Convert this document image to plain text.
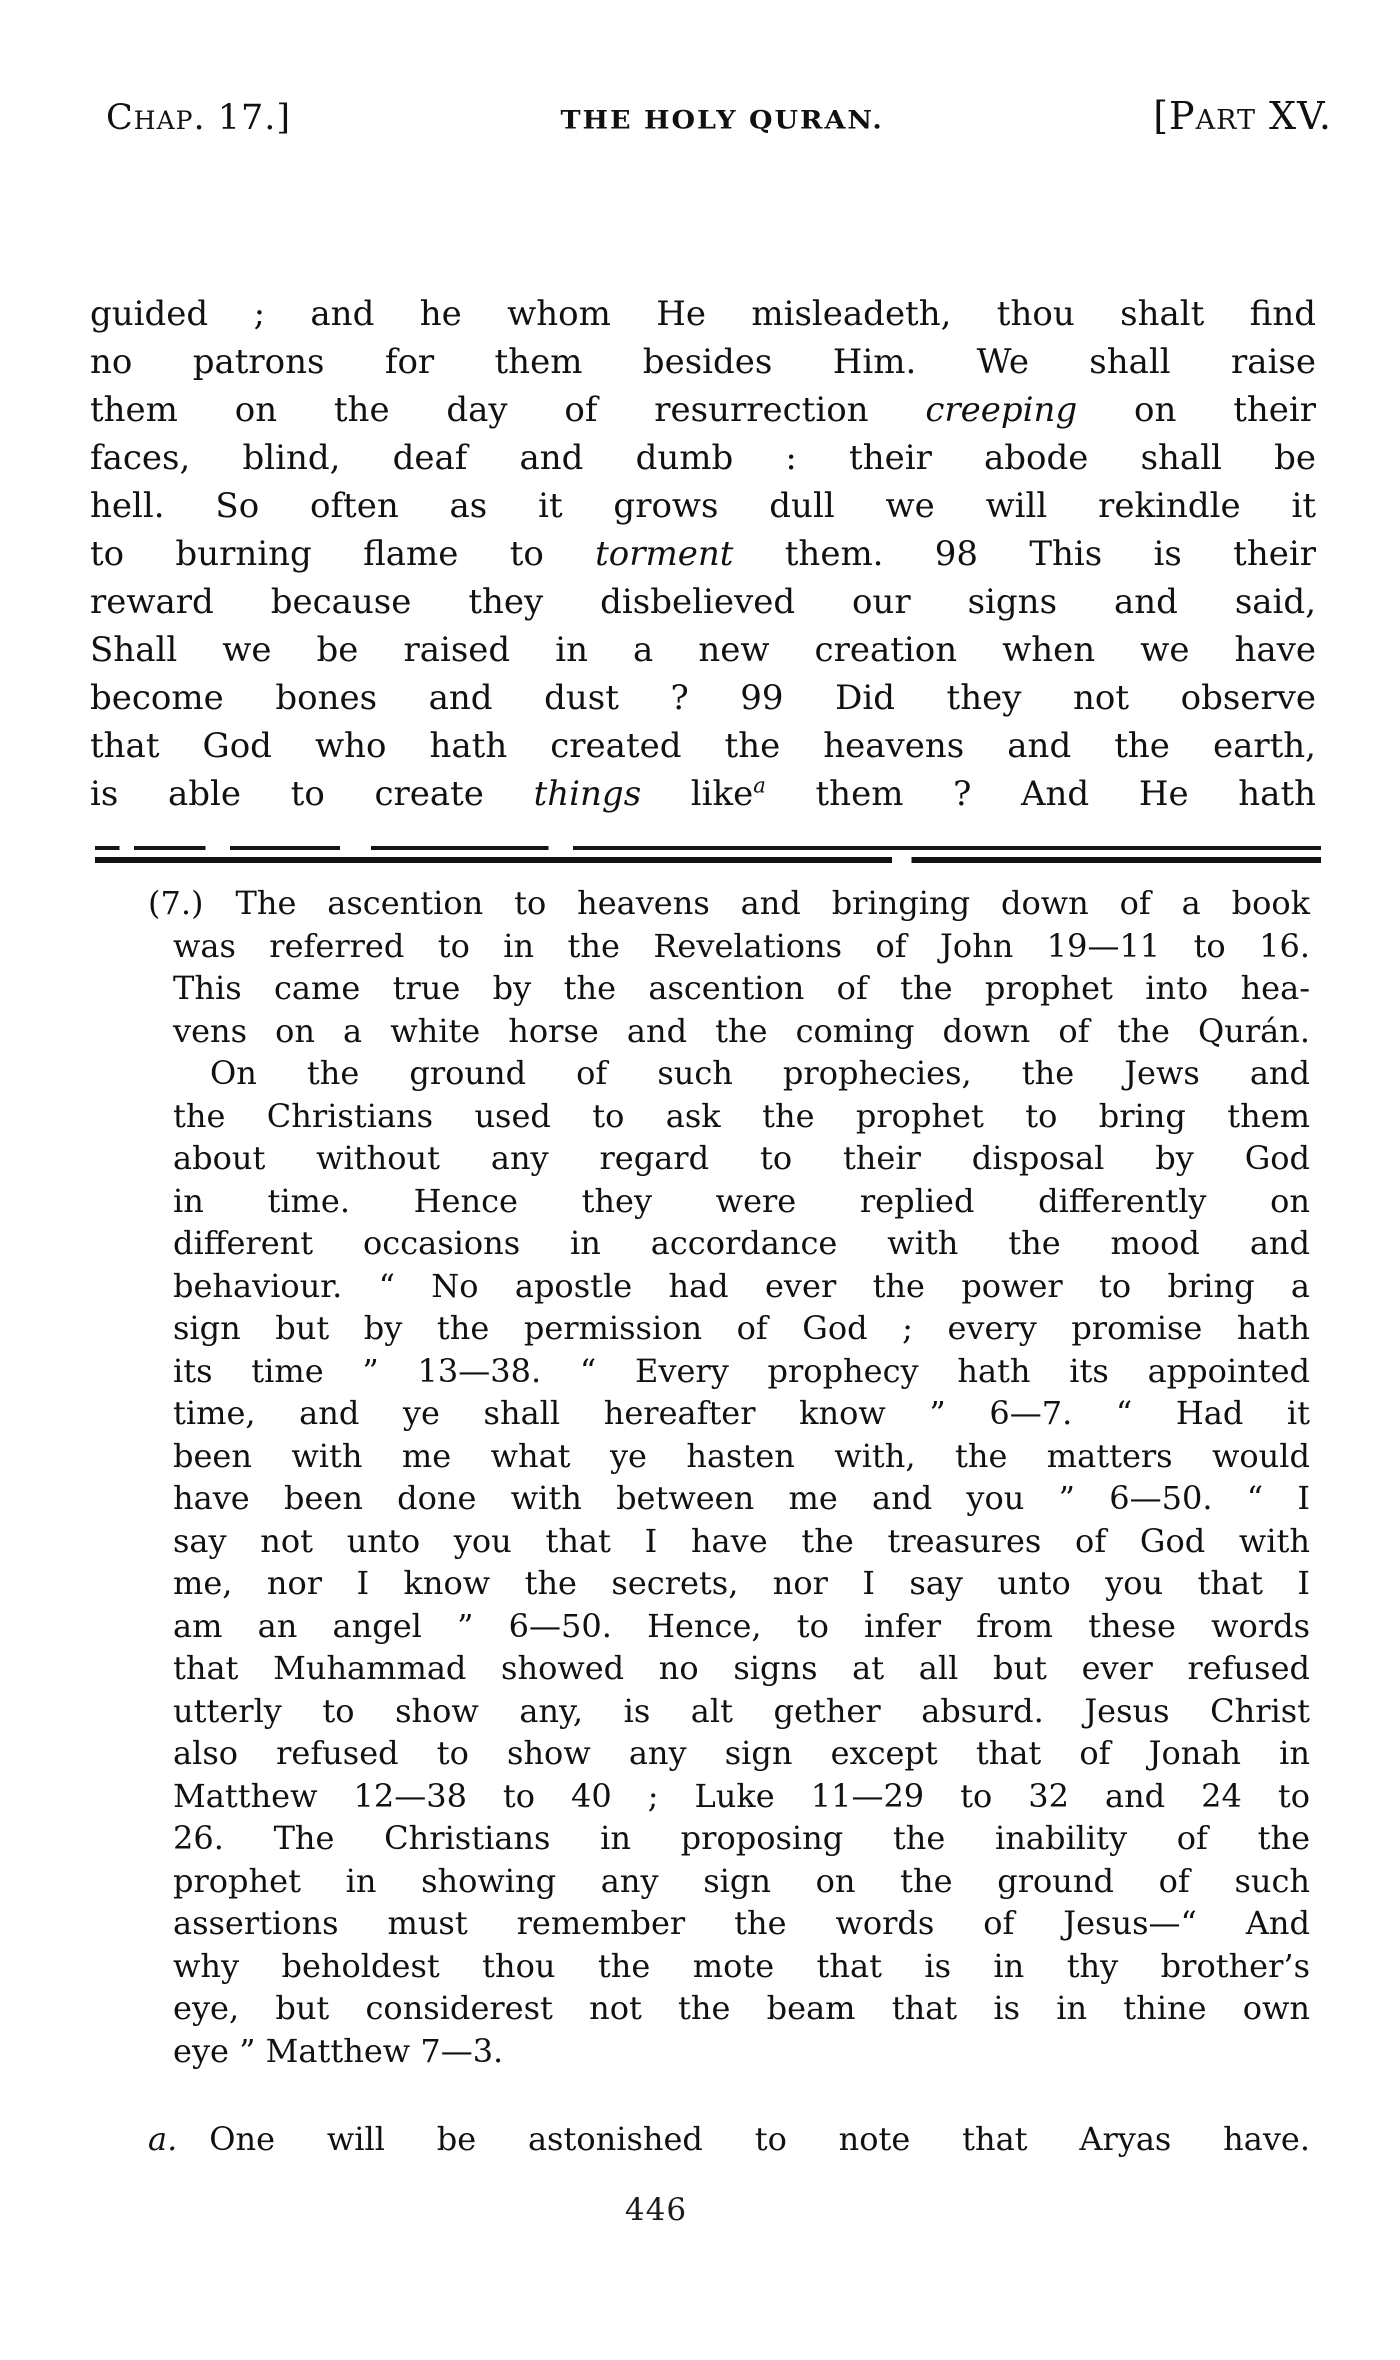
Chap. 17.]	THE HOLY QURAN.	[Part XV.
guided ; and he whom He misleadeth, thou shalt find
no patrons for them besides Him. We shall raise
them on the day of resurrection creeping on their
faces, blind, deaf and dumb : their abode shall be
hell. So often as it grows dull we will rekindle it
to burning flame to torment them. 98 This is their
reward because they disbelieved our signs and said,
Shall we be raised in a new creation when we have
become bones and dust ? 99 Did they not observe
that God who hath created the heavens and the earth,
is able to create things like$^a$ them ? And He hath
(7.) The ascention to heavens and bringing down of a book
was referred to in the Revelations of John 19—11 to 16.
This came true by the ascention of the prophet into hea-
vens on a white horse and the coming down of the Qurán.
On the ground of such prophecies, the Jews and
the Christians used to ask the prophet to bring them
about without any regard to their disposal by God
in time. Hence they were replied differently on
different occasions in accordance with the mood and
behaviour. “ No apostle had ever the power to bring a
sign but by the permission of God ; every promise hath
its time ” 13—38. “ Every prophecy hath its appointed
time, and ye shall hereafter know ” 6—7. “ Had it
been with me what ye hasten with, the matters would
have been done with between me and you ” 6—50. “ I
say not unto you that I have the treasures of God with
me, nor I know the secrets, nor I say unto you that I
am an angel ” 6—50. Hence, to infer from these words
that Muhammad showed no signs at all but ever refused
utterly to show any, is alt gether absurd. Jesus Christ
also refused to show any sign except that of Jonah in
Matthew 12—38 to 40 ; Luke 11—29 to 32 and 24 to
26. The Christians in proposing the inability of the
prophet in showing any sign on the ground of such
assertions must remember the words of Jesus—“ And
why beholdest thou the mote that is in thy brother’s
eye, but considerest not the beam that is in thine own
eye ” Matthew 7—3.
a. One will be astonished to note that Aryas have.
446
